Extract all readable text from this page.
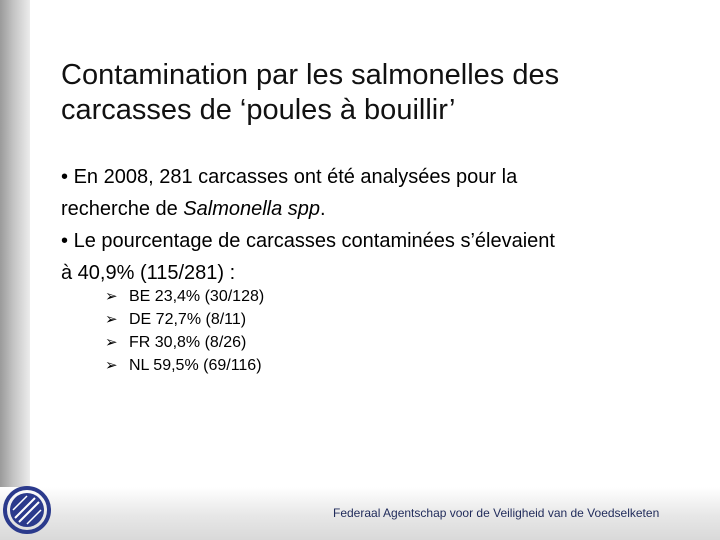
Contamination par les salmonelles des
carcasses de ‘poules à bouillir’
• En 2008, 281 carcasses ont été analysées pour la
recherche de Salmonella spp.
• Le pourcentage de carcasses contaminées s’élevaient
à 40,9% (115/281) :
➢ BE 23,4% (30/128)
➢ DE 72,7% (8/11)
➢ FR 30,8% (8/26)
➢ NL 59,5% (69/116)
Federaal Agentschap voor de Veiligheid van de Voedselketen
